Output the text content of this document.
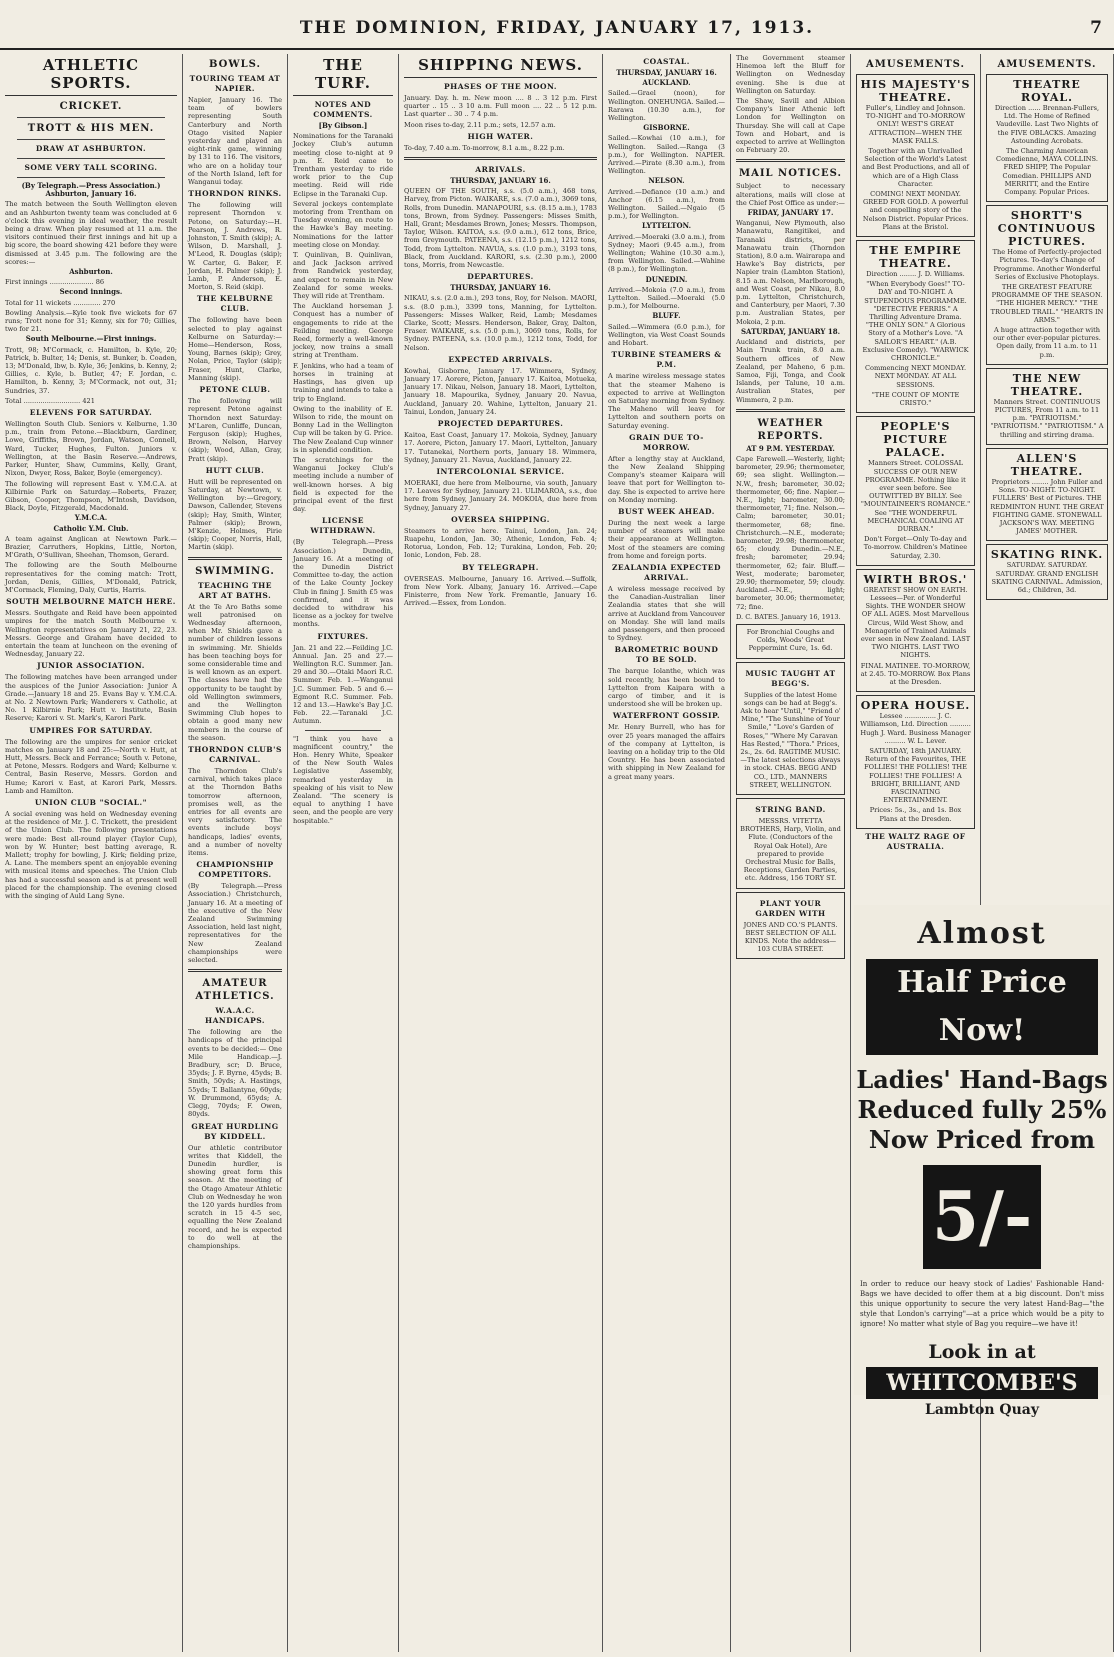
THE DOMINION, FRIDAY, JANUARY 17, 1913.	7
ATHLETIC SPORTS.
CRICKET.
TROTT & HIS MEN.
DRAW AT ASHBURTON.
SOME VERY TALL SCORING.
(By Telegraph.—Press Association.) Ashburton, January 16.

The match between the South Wellington eleven and an Ashburton twenty team was concluded at 6 o'clock this evening in ideal weather, the result being a draw. When play resumed at 11 a.m. the visitors continued their first innings and hit up a big score, the board showing 421 before they were dismissed at 3.45 p.m. The following are the scores:—

Ashburton.

First innings ..................... 86

Second innings.

Total for 11 wickets ............. 270

Bowling Analysis.—Kyle took five wickets for 67 runs; Trott none for 31; Kenny, six for 70; Gillies, two for 21.

South Melbourne.—First innings.

Trott, 98; M'Cormack, c. Hamilton, b. Kyle, 20; Patrick, b. Bulter, 14; Denis, st. Bunker, b. Coaden, 13; M'Donald, lbw, b. Kyle, 36; Jenkins, b. Kenny, 2; Gillies, c. Kyle, b. Butler, 47; F. Jordan, c. Hamilton, b. Kenny, 3; M'Cormack, not out, 31; Sundries, 37.

Total ........................... 421

ELEVENS FOR SATURDAY.

Wellington South Club. Seniors v. Kelburne, 1.30 p.m., train from Petone.—Blackburn, Gardiner, Lowe, Griffiths, Brown, Jordan, Watson, Connell, Ward, Tucker, Hughes, Fulton. Juniors v. Wellington, at the Basin Reserve.—Andrews, Parker, Hunter, Shaw, Cummins, Kelly, Grant, Nixon, Dwyer, Ross, Baker, Boyle (emergency).

The following will represent East v. Y.M.C.A. at Kilbirnie Park on Saturday.—Roberts, Frazer, Gibson, Cooper, Thompson, M'Intosh, Davidson, Black, Doyle, Fitzgerald, Macdonald.

Y.M.C.A.
Catholic Y.M. Club.

A team against Anglican at Newtown Park.—Brazier, Carruthers, Hopkins, Little, Norton, M'Grath, O'Sullivan, Sheehan, Thomson, Gerard.

The following are the South Melbourne representatives for the coming match: Trott, Jordan, Denis, Gillies, M'Donald, Patrick, M'Cormack, Fleming, Daly, Curtis, Harris.

SOUTH MELBOURNE MATCH HERE.

Messrs. Southgate and Reid have been appointed umpires for the match South Melbourne v. Wellington representatives on January 21, 22, 23. Messrs. George and Graham have decided to entertain the team at luncheon on the evening of Wednesday, January 22.

JUNIOR ASSOCIATION.

The following matches have been arranged under the auspices of the Junior Association: Junior A Grade.—January 18 and 25. Evans Bay v. Y.M.C.A. at No. 2 Newtown Park; Wanderers v. Catholic, at No. 1 Kilbirnie Park; Hutt v. Institute, Basin Reserve; Karori v. St. Mark's, Karori Park.

UMPIRES FOR SATURDAY.

The following are the umpires for senior cricket matches on January 18 and 25:—North v. Hutt, at Hutt, Messrs. Beck and Ferrance; South v. Petone, at Petone, Messrs. Rodgers and Ward; Kelburne v. Central, Basin Reserve, Messrs. Gordon and Hume; Karori v. East, at Karori Park, Messrs. Lamb and Hamilton.

UNION CLUB "SOCIAL."

A social evening was held on Wednesday evening at the residence of Mr. J. C. Trickett, the president of the Union Club. The following presentations were made: Best all-round player (Taylor Cup), won by W. Hunter; best batting average, R. Mallett; trophy for bowling, J. Kirk; fielding prize, A. Lane. The members spent an enjoyable evening with musical items and speeches. The Union Club has had a successful season and is at present well placed for the championship. The evening closed with the singing of Auld Lang Syne.

BOWLS.
TOURING TEAM AT NAPIER.

Napier, January 16. The team of bowlers representing South Canterbury and North Otago visited Napier yesterday and played an eight-rink game, winning by 131 to 116. The visitors, who are on a holiday tour of the North Island, left for Wanganui today.

THORNDON RINKS.

The following will represent Thorndon v. Petone, on Saturday:—H. Pearson, J. Andrews, R. Johnston, T. Smith (skip); A. Wilson, D. Marshall, J. M'Leod, R. Douglas (skip); W. Carter, G. Baker, F. Jordan, H. Palmer (skip); J. Lamb, P. Anderson, E. Morton, S. Reid (skip).

THE KELBURNE CLUB.

The following have been selected to play against Kelburne on Saturday:—Home—Henderson, Ross, Young, Barnes (skip); Grey, Nolan, Price, Taylor (skip); Fraser, Hunt, Clarke, Manning (skip).

PETONE CLUB.

The following will represent Petone against Thorndon next Saturday: M'Laren, Cunliffe, Duncan, Ferguson (skip); Hughes, Brown, Nelson, Harvey (skip); Wood, Allan, Gray, Pratt (skip).

HUTT CLUB.

Hutt will be represented on Saturday, at Newtown, v. Wellington by:—Gregory, Dawson, Callender, Stevens (skip); Hay, Smith, Winter, Palmer (skip); Brown, M'Kenzie, Holmes, Pirie (skip); Cooper, Norris, Hall, Martin (skip).

SWIMMING.
TEACHING THE ART AT BATHS.

At the Te Aro Baths some well patronised on Wednesday afternoon, when Mr. Shields gave a number of children lessons in swimming. Mr. Shields has been teaching boys for some considerable time and is well known as an expert. The classes have had the opportunity to be taught by old Wellington swimmers, and the Wellington Swimming Club hopes to obtain a good many new members in the course of the season.

THORNDON CLUB'S CARNIVAL.

The Thorndon Club's carnival, which takes place at the Thorndon Baths tomorrow afternoon, promises well, as the entries for all events are very satisfactory. The events include boys' handicaps, ladies' events, and a number of novelty items.

CHAMPIONSHIP COMPETITORS.

(By Telegraph.—Press Association.) Christchurch, January 16. At a meeting of the executive of the New Zealand Swimming Association, held last night, representatives for the New Zealand championships were selected.

AMATEUR ATHLETICS.
W.A.A.C. HANDICAPS.

The following are the handicaps of the principal events to be decided:— One Mile Handicap.—J. Bradbury, scr; D. Bruce, 35yds; J. F. Byrne, 45yds; B. Smith, 50yds; A. Hastings, 55yds; T. Ballantyne, 60yds; W. Drummond, 65yds; A. Clegg, 70yds; F. Owen, 80yds.

GREAT HURDLING BY KIDDELL.

Our athletic contributor writes that Kiddell, the Dunedin hurdler, is showing great form this season. At the meeting of the Otago Amateur Athletic Club on Wednesday he won the 120 yards hurdles from scratch in 15 4-5 sec, equalling the New Zealand record, and he is expected to do well at the championships.

THE TURF.
NOTES AND COMMENTS.
[By Gibson.]

Nominations for the Taranaki Jockey Club's autumn meeting close to-night at 9 p.m. E. Reid came to Trentham yesterday to ride work prior to the Cup meeting. Reid will ride Eclipse in the Taranaki Cup.

Several jockeys contemplate motoring from Trentham on Tuesday evening, en route to the Hawke's Bay meeting. Nominations for the latter meeting close on Monday.

T. Quinlivan, B. Quinlivan, and Jack Jackson arrived from Randwick yesterday, and expect to remain in New Zealand for some weeks. They will ride at Trentham.

The Auckland horseman J. Conquest has a number of engagements to ride at the Feilding meeting. George Reed, formerly a well-known jockey, now trains a small string at Trentham.

F. Jenkins, who had a team of horses in training at Hastings, has given up training and intends to take a trip to England.

Owing to the inability of E. Wilson to ride, the mount on Bonny Lad in the Wellington Cup will be taken by G. Price. The New Zealand Cup winner is in splendid condition.

The scratchings for the Wanganui Jockey Club's meeting include a number of well-known horses. A big field is expected for the principal event of the first day.

LICENSE WITHDRAWN.

(By Telegraph.—Press Association.) Dunedin, January 16. At a meeting of the Dunedin District Committee to-day, the action of the Lake County Jockey Club in fining J. Smith £5 was confirmed, and it was decided to withdraw his license as a jockey for twelve months.

FIXTURES.

Jan. 21 and 22.—Feilding J.C. Annual. Jan. 25 and 27.—Wellington R.C. Summer. Jan. 29 and 30.—Otaki Maori R.C. Summer. Feb. 1.—Wanganui J.C. Summer. Feb. 5 and 6.—Egmont R.C. Summer. Feb. 12 and 13.—Hawke's Bay J.C. Feb. 22.—Taranaki J.C. Autumn.

"I think you have a magnificent country," the Hon. Henry White, Speaker of the New South Wales Legislative Assembly, remarked yesterday in speaking of his visit to New Zealand. "The scenery is equal to anything I have seen, and the people are very hospitable."

SHIPPING NEWS.
PHASES OF THE MOON.

January. Day. h. m. New moon .... 8 .. 3 12 p.m. First quarter .. 15 .. 3 10 a.m. Full moon .... 22 .. 5 12 p.m. Last quarter .. 30 .. 7 4 p.m.

Moon rises to-day, 2.11 p.m.; sets, 12.57 a.m.

HIGH WATER.

To-day, 7.40 a.m. To-morrow, 8.1 a.m., 8.22 p.m.

ARRIVALS.
THURSDAY, JANUARY 16.

QUEEN OF THE SOUTH, s.s. (5.0 a.m.), 468 tons, Harvey, from Picton. WAIKARE, s.s. (7.0 a.m.), 3069 tons, Rolls, from Dunedin. MANAPOURI, s.s. (8.15 a.m.), 1783 tons, Brown, from Sydney. Passengers: Misses Smith, Hall, Grant; Mesdames Brown, Jones; Messrs. Thompson, Taylor, Wilson. KAITOA, s.s. (9.0 a.m.), 612 tons, Brice, from Greymouth. PATEENA, s.s. (12.15 p.m.), 1212 tons, Todd, from Lyttelton. NAVUA, s.s. (1.0 p.m.), 3193 tons, Black, from Auckland. KARORI, s.s. (2.30 p.m.), 2000 tons, Morris, from Newcastle.

DEPARTURES.
THURSDAY, JANUARY 16.

NIKAU, s.s. (2.0 a.m.), 293 tons, Roy, for Nelson. MAORI, s.s. (8.0 p.m.), 3399 tons, Manning, for Lyttelton. Passengers: Misses Walker, Reid, Lamb; Mesdames Clarke, Scott; Messrs. Henderson, Baker, Gray, Dalton, Fraser. WAIKARE, s.s. (5.0 p.m.), 3069 tons, Rolls, for Sydney. PATEENA, s.s. (10.0 p.m.), 1212 tons, Todd, for Nelson.

EXPECTED ARRIVALS.

Kowhai, Gisborne, January 17. Wimmera, Sydney, January 17. Aorere, Picton, January 17. Kaitoa, Motueka, January 17. Nikau, Nelson, January 18. Maori, Lyttelton, January 18. Mapourika, Sydney, January 20. Navua, Auckland, January 20. Wahine, Lyttelton, January 21. Tainui, London, January 24.

PROJECTED DEPARTURES.

Kaitoa, East Coast, January 17. Mokoia, Sydney, January 17. Aorere, Picton, January 17. Maori, Lyttelton, January 17. Tutanekai, Northern ports, January 18. Wimmera, Sydney, January 21. Navua, Auckland, January 22.

INTERCOLONIAL SERVICE.

MOERAKI, due here from Melbourne, via south, January 17. Leaves for Sydney, January 21. ULIMAROA, s.s., due here from Sydney, January 24. MOKOIA, due here from Sydney, January 27.

OVERSEA SHIPPING.

Steamers to arrive here. Tainui, London, Jan. 24; Ruapehu, London, Jan. 30; Athenic, London, Feb. 4; Rotorua, London, Feb. 12; Turakina, London, Feb. 20; Ionic, London, Feb. 28.

BY TELEGRAPH.

OVERSEAS. Melbourne, January 16. Arrived.—Suffolk, from New York. Albany, January 16. Arrived.—Cape Finisterre, from New York. Fremantle, January 16. Arrived.—Essex, from London.

COASTAL.
THURSDAY, JANUARY 16.
AUCKLAND.

Sailed.—Grael (noon), for Wellington. ONEHUNGA. Sailed.—Rarawa (10.30 a.m.), for Wellington.

GISBORNE.

Sailed.—Kowhai (10 a.m.), for Wellington. Sailed.—Ranga (3 p.m.), for Wellington. NAPIER. Arrived.—Pirate (8.30 a.m.), from Wellington.

NELSON.

Arrived.—Defiance (10 a.m.) and Anchor (6.15 a.m.), from Wellington. Sailed.—Ngaio (5 p.m.), for Wellington.

LYTTELTON.

Arrived.—Moeraki (3.0 a.m.), from Sydney; Maori (9.45 a.m.), from Wellington; Wahine (10.30 a.m.), from Wellington. Sailed.—Wahine (8 p.m.), for Wellington.

DUNEDIN.

Arrived.—Mokoia (7.0 a.m.), from Lyttelton. Sailed.—Moeraki (5.0 p.m.), for Melbourne.

BLUFF.

Sailed.—Wimmera (6.0 p.m.), for Wellington, via West Coast Sounds and Hobart.

TURBINE STEAMERS & P.M.

A marine wireless message states that the steamer Maheno is expected to arrive at Wellington on Saturday morning from Sydney. The Maheno will leave for Lyttelton and southern ports on Saturday evening.

GRAIN DUE TO-MORROW.

After a lengthy stay at Auckland, the New Zealand Shipping Company's steamer Kaipara will leave that port for Wellington to-day. She is expected to arrive here on Monday morning.

BUST WEEK AHEAD.

During the next week a large number of steamers will make their appearance at Wellington. Most of the steamers are coming from home and foreign ports.

ZEALANDIA EXPECTED ARRIVAL.

A wireless message received by the Canadian-Australian liner Zealandia states that she will arrive at Auckland from Vancouver on Monday. She will land mails and passengers, and then proceed to Sydney.

BAROMETRIC BOUND TO BE SOLD.

The barque Iolanthe, which was sold recently, has been bound to Lyttelton from Kaipara with a cargo of timber, and it is understood she will be broken up.

WATERFRONT GOSSIP.

Mr. Henry Burrell, who has for over 25 years managed the affairs of the company at Lyttelton, is leaving on a holiday trip to the Old Country. He has been associated with shipping in New Zealand for a great many years.

The Government steamer Hinemoa left the Bluff for Wellington on Wednesday evening. She is due at Wellington on Saturday.

The Shaw, Savill and Albion Company's liner Athenic left London for Wellington on Thursday. She will call at Cape Town and Hobart, and is expected to arrive at Wellington on February 20.

MAIL NOTICES.

Subject to necessary alterations, mails will close at the Chief Post Office as under:—

FRIDAY, JANUARY 17.

Wanganui, New Plymouth, also Manawatu, Rangitikei, and Taranaki districts, per Manawatu train (Thorndon Station), 8.0 a.m. Wairarapa and Hawke's Bay districts, per Napier train (Lambton Station), 8.15 a.m. Nelson, Marlborough, and West Coast, per Nikau, 8.0 p.m. Lyttelton, Christchurch, and Canterbury, per Maori, 7.30 p.m. Australian States, per Mokoia, 2 p.m.

SATURDAY, JANUARY 18.

Auckland and districts, per Main Trunk train, 8.0 a.m. Southern offices of New Zealand, per Maheno, 6 p.m. Samoa, Fiji, Tonga, and Cook Islands, per Talune, 10 a.m. Australian States, per Wimmera, 2 p.m.

WEATHER REPORTS.
AT 9 P.M. YESTERDAY.

Cape Farewell.—Westerly, light; barometer, 29.96; thermometer, 69; sea slight. Wellington.—N.W., fresh; barometer, 30.02; thermometer, 66; fine. Napier.—N.E., light; barometer, 30.00; thermometer, 71; fine. Nelson.—Calm; barometer, 30.01; thermometer, 68; fine. Christchurch.—N.E., moderate; barometer, 29.98; thermometer, 65; cloudy. Dunedin.—N.E., fresh; barometer, 29.94; thermometer, 62; fair. Bluff.—West, moderate; barometer, 29.90; thermometer, 59; cloudy. Auckland.—N.E., light; barometer, 30.06; thermometer, 72; fine.

D. C. BATES. January 16, 1913.

For Bronchial Coughs and Colds, Woods' Great Peppermint Cure, 1s. 6d.

MUSIC TAUGHT AT BEGG'S.

Supplies of the latest Home songs can be had at Begg's. Ask to hear "Until," "Friend o' Mine," "The Sunshine of Your Smile," "Love's Garden of Roses," "Where My Caravan Has Rested," "Thora." Prices, 2s., 2s. 6d. RAGTIME MUSIC.—The latest selections always in stock. CHAS. BEGG AND CO., LTD., MANNERS STREET, WELLINGTON.

STRING BAND.

MESSRS. VITETTA BROTHERS, Harp, Violin, and Flute. (Conductors of the Royal Oak Hotel), Are prepared to provide Orchestral Music for Balls, Receptions, Garden Parties, etc. Address, 156 TORY ST.

PLANT YOUR GARDEN WITH

JONES AND CO.'S PLANTS. BEST SELECTION OF ALL KINDS. Note the address—103 CUBA STREET.

AMUSEMENTS.
HIS MAJESTY'S THEATRE.

Fuller's, Lindley and Johnson. TO-NIGHT and TO-MORROW ONLY! WEST'S GREAT ATTRACTION—WHEN THE MASK FALLS.

Together with an Unrivalled Selection of the World's Latest and Best Productions, and all of which are of a High Class Character.

COMING! NEXT MONDAY. GREED FOR GOLD. A powerful and compelling story of the Nelson District. Popular Prices. Plans at the Bristol.

THE EMPIRE THEATRE.

Direction ........ J. D. Williams.

"When Everybody Goes!" TO-DAY and TO-NIGHT. A STUPENDOUS PROGRAMME. "DETECTIVE FERRIS." A Thrilling Adventure Drama. "THE ONLY SON." A Glorious Story of a Mother's Love. "A SAILOR'S HEART." (A.B. Exclusive Comedy). "WARWICK CHRONICLE."

Commencing NEXT MONDAY. NEXT MONDAY. AT ALL SESSIONS.

"THE COUNT OF MONTE CRISTO."

PEOPLE'S PICTURE PALACE.

Manners Street. COLOSSAL SUCCESS OF OUR NEW PROGRAMME. Nothing like it ever seen before. See OUTWITTED BY BILLY. See "MOUNTAINEER'S ROMANCE." See "THE WONDERFUL MECHANICAL COALING AT DURBAN."

Don't Forget—Only To-day and To-morrow. Children's Matinee Saturday, 2.30.

WIRTH BROS.'

GREATEST SHOW ON EARTH. Lessees—Per. of Wonderful Sights. THE WONDER SHOW OF ALL AGES. Most Marvellous Circus, Wild West Show, and Menagerie of Trained Animals ever seen in New Zealand. LAST TWO NIGHTS. LAST TWO NIGHTS.

FINAL MATINEE. TO-MORROW, at 2.45. TO-MORROW. Box Plans at the Dresden.

OPERA HOUSE.

Lessee ............... J. C. Williamson, Ltd. Direction .......... Hugh J. Ward. Business Manager .......... W. L. Lever.

SATURDAY, 18th JANUARY. Return of the Favourites, THE FOLLIES! THE FOLLIES! THE FOLLIES! THE FOLLIES! A BRIGHT, BRILLIANT, AND FASCINATING ENTERTAINMENT.

Prices: 5s., 3s., and 1s. Box Plans at the Dresden.

THE WALTZ RAGE OF AUSTRALIA.
AMUSEMENTS.
THEATRE ROYAL.

Direction ...... Brennan-Fullers, Ltd. The Home of Refined Vaudeville. Last Two Nights of the FIVE OBLACKS. Amazing Astounding Acrobats.

The Charming American Comedienne, MAYA COLLINS. FRED SHIPP, The Popular Comedian. PHILLIPS AND MERRITT, and the Entire Company. Popular Prices.

SHORTT'S CONTINUOUS PICTURES.

The Home of Perfectly-projected Pictures. To-day's Change of Programme. Another Wonderful Series of Exclusive Photoplays.

THE GREATEST FEATURE PROGRAMME OF THE SEASON. "THE HIGHER MERCY." "THE TROUBLED TRAIL." "HEARTS IN ARMS."

A huge attraction together with our other ever-popular pictures. Open daily, from 11 a.m. to 11 p.m.

THE NEW THEATRE.

Manners Street. CONTINUOUS PICTURES, From 11 a.m. to 11 p.m. "PATRIOTISM." "PATRIOTISM." "PATRIOTISM." A thrilling and stirring drama.

ALLEN'S THEATRE.

Proprietors ........ John Fuller and Sons. TO-NIGHT. TO-NIGHT. FULLERS' Best of Pictures. THE REDMINTON HUNT. THE GREAT FIGHTING GAME. STONEWALL JACKSON'S WAY. MEETING JAMES' MOTHER.

SKATING RINK.

SATURDAY. SATURDAY. SATURDAY. GRAND ENGLISH SKATING CARNIVAL. Admission, 6d.; Children, 3d.

Almost
Half Price Now!
Ladies' Hand-Bags
Reduced fully 25%
Now Priced from
5/-

In order to reduce our heavy stock of Ladies' Fashionable Hand-Bags we have decided to offer them at a big discount. Don't miss this unique opportunity to secure the very latest Hand-Bag—"the style that London's carrying"—at a price which would be a pity to ignore! No matter what style of Bag you require—we have it!

Look in at
WHITCOMBE'S
Lambton Quay
